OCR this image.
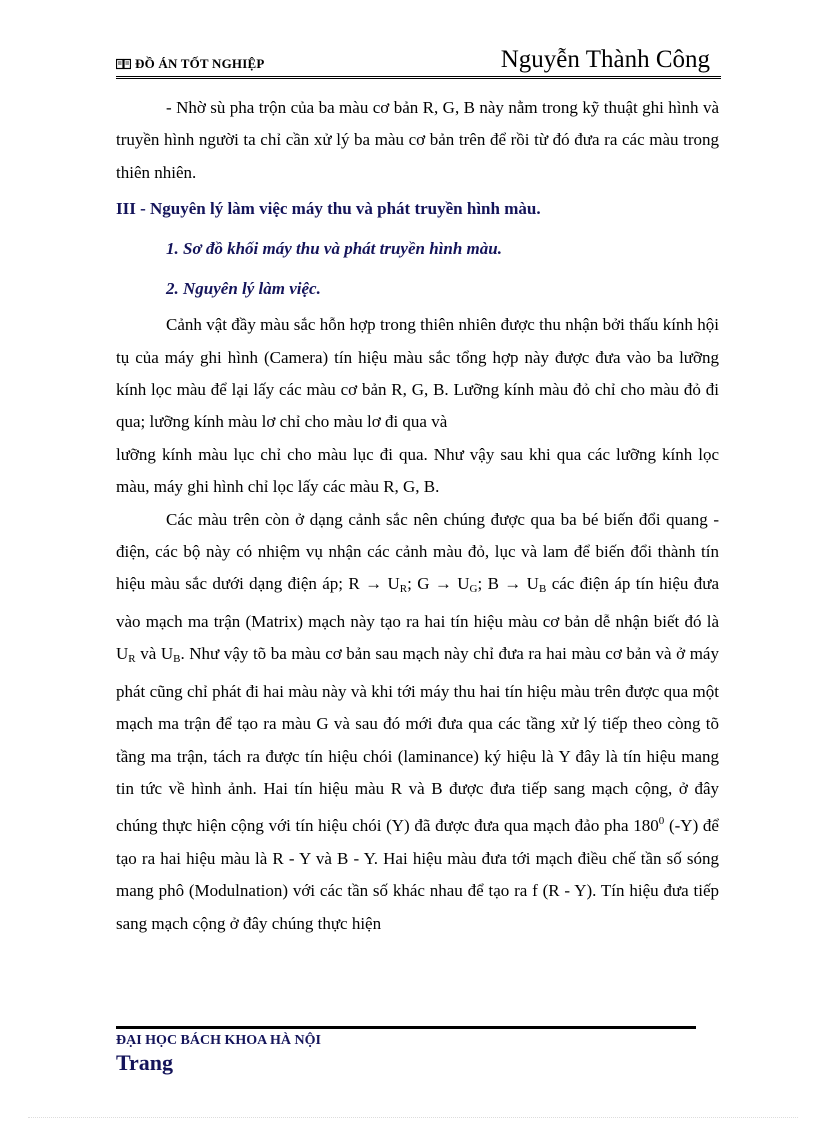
ĐỒ ÁN TỐT NGHIỆP	Nguyễn Thành Công

- Nhờ sù pha trộn của ba màu cơ bản R, G, B này nằm trong kỹ thuật ghi hình và truyền hình người ta chỉ cần xử lý ba màu cơ bản trên để rồi từ đó đưa ra các màu trong thiên nhiên.

III - Nguyên lý làm việc máy thu và phát truyền hình màu.

1. Sơ đồ khối máy thu và phát truyền hình màu.

2. Nguyên lý làm việc.

Cảnh vật đầy màu sắc hỗn hợp trong thiên nhiên được thu nhận bởi thấu kính hội tụ của máy ghi hình (Camera) tín hiệu màu sắc tổng hợp này được đưa vào ba lưỡng kính lọc màu để lại lấy các màu cơ bản R, G, B. Lưỡng kính màu đỏ chỉ cho màu đỏ đi qua; lưỡng kính màu lơ chỉ cho màu lơ đi qua và

lưỡng kính màu lục chỉ cho màu lục đi qua. Như vậy sau khi qua các lưỡng kính lọc màu, máy ghi hình chỉ lọc lấy các màu R, G, B.

Các màu trên còn ở dạng cảnh sắc nên chúng được qua ba bé biến đổi quang - điện, các bộ này có nhiệm vụ nhận các cảnh màu đỏ, lục và lam để biến đổi thành tín hiệu màu sắc dưới dạng điện áp; $R \to U_R$; $G \to U_G$; $B \to U_B$ các điện áp tín hiệu đưa vào mạch ma trận (Matrix) mạch này tạo ra hai tín hiệu màu cơ bản dễ nhận biết đó là $U_R$ và $U_B$. Như vậy tõ ba màu cơ bản sau mạch này chỉ đưa ra hai màu cơ bản và ở máy phát cũng chỉ phát đi hai màu này và khi tới máy thu hai tín hiệu màu trên được qua một mạch ma trận để tạo ra màu G và sau đó mới đưa qua các tầng xử lý tiếp theo còng tõ tầng ma trận, tách ra được tín hiệu chói (laminance) ký hiệu là Y đây là tín hiệu mang tin tức về hình ảnh. Hai tín hiệu màu R và B được đưa tiếp sang mạch cộng, ở đây chúng thực hiện cộng với tín hiệu chói (Y) đã được đưa qua mạch đảo pha $180^0$ (-Y) để tạo ra hai hiệu màu là R - Y và B - Y. Hai hiệu màu đưa tới mạch điều chế tần số sóng mang phô (Modulnation) với các tần số khác nhau để tạo ra f (R - Y). Tín hiệu đưa tiếp sang mạch cộng ở đây chúng thực hiện

ĐẠI HỌC BÁCH KHOA HÀ NỘI
Trang
